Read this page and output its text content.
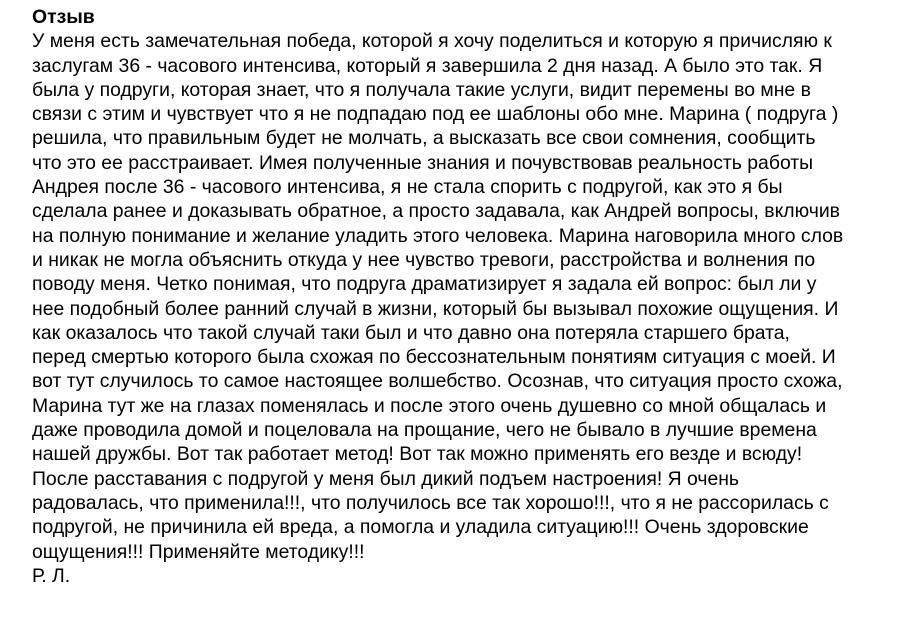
Отзыв
У меня есть замечательная победа, которой я хочу поделиться и которую я причисляю к
заслугам 36 - часового интенсива, который я завершила 2 дня назад. А было это так. Я
была у подруги, которая знает, что я получала такие услуги, видит перемены во мне в
связи с этим и чувствует что я не подпадаю под ее шаблоны обо мне. Марина ( подруга )
решила, что правильным будет не молчать, а высказать все свои сомнения, сообщить
что это ее расстраивает. Имея полученные знания и почувствовав реальность работы
Андрея после 36 - часового интенсива, я не стала спорить с подругой, как это я бы
сделала ранее и доказывать обратное, а просто задавала, как Андрей вопросы, включив
на полную понимание и желание уладить этого человека. Марина наговорила много слов
и никак не могла объяснить откуда у нее чувство тревоги, расстройства и волнения по
поводу меня. Четко понимая, что подруга драматизирует я задала ей вопрос: был ли у
нее подобный более ранний случай в жизни, который бы вызывал похожие ощущения. И
как оказалось что такой случай таки был и что давно она потеряла старшего брата,
перед смертью которого была схожая по бессознательным понятиям ситуация с моей. И
вот тут случилось то самое настоящее волшебство. Осознав, что ситуация просто схожа,
Марина тут же на глазах поменялась и после этого очень душевно со мной общалась и
даже проводила домой и поцеловала на прощание, чего не бывало в лучшие времена
нашей дружбы. Вот так работает метод! Вот так можно применять его везде и всюду!
После расставания с подругой у меня был дикий подъем настроения! Я очень
радовалась, что применила!!!, что получилось все так хорошо!!!, что я не рассорилась с
подругой, не причинила ей вреда, а помогла и уладила ситуацию!!! Очень здоровские
ощущения!!! Применяйте методику!!!
Р. Л.
